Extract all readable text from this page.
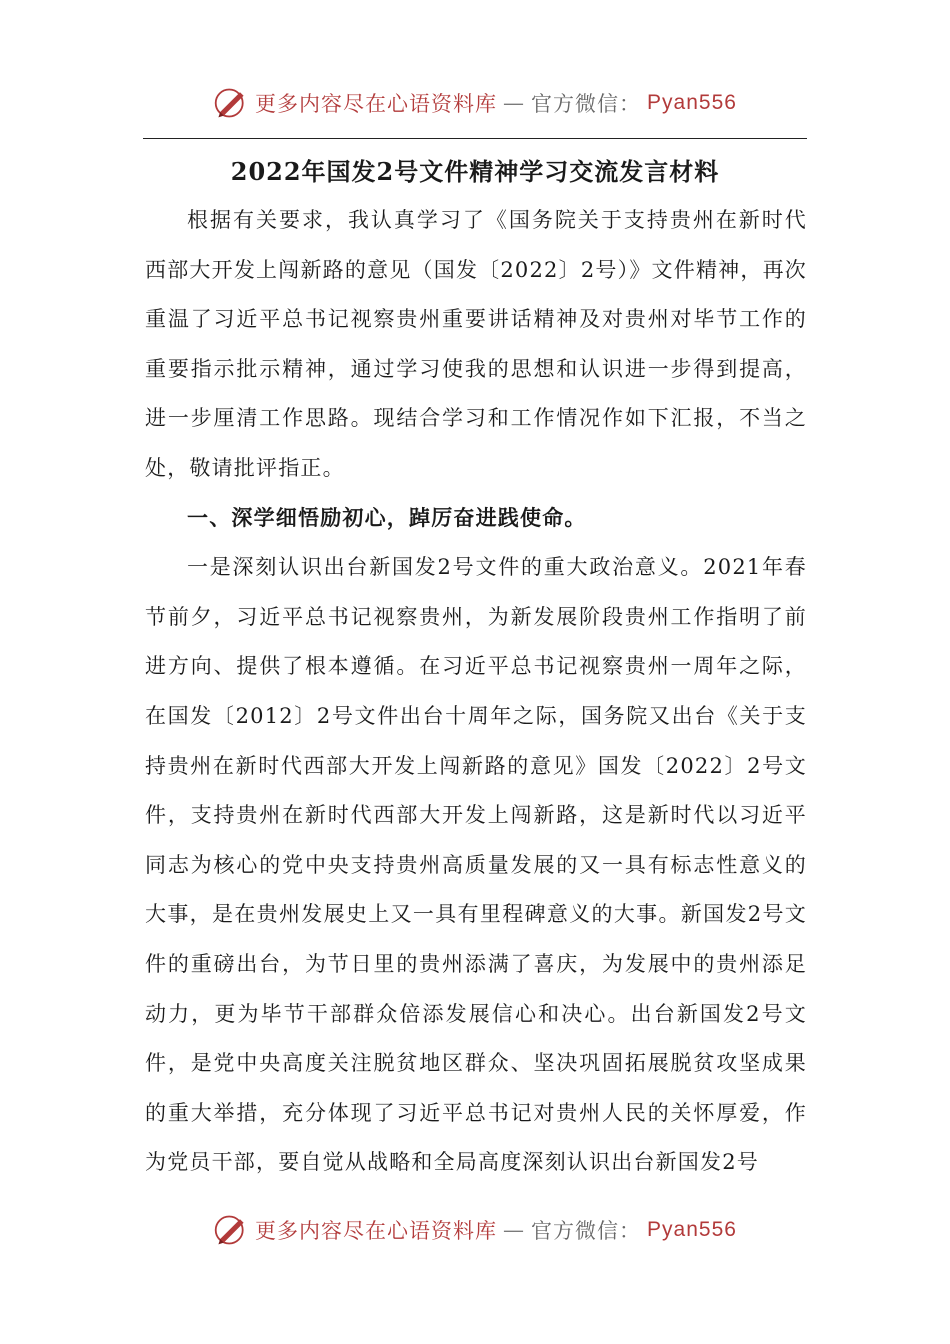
更多内容尽在心语资料库 — 官方微信： Pyan556
2022年国发2号文件精神学习交流发言材料

根据有关要求，我认真学习了《国务院关于支持贵州在新时代西部大开发上闯新路的意见（国发〔2022〕2号）》文件精神，再次重温了习近平总书记视察贵州重要讲话精神及对贵州对毕节工作的重要指示批示精神，通过学习使我的思想和认识进一步得到提高，进一步厘清工作思路。现结合学习和工作情况作如下汇报，不当之处，敬请批评指正。

一、深学细悟励初心，踔厉奋进践使命。

一是深刻认识出台新国发2号文件的重大政治意义。2021年春节前夕，习近平总书记视察贵州，为新发展阶段贵州工作指明了前进方向、提供了根本遵循。在习近平总书记视察贵州一周年之际，在国发〔2012〕2号文件出台十周年之际，国务院又出台《关于支持贵州在新时代西部大开发上闯新路的意见》国发〔2022〕2号文件，支持贵州在新时代西部大开发上闯新路，这是新时代以习近平同志为核心的党中央支持贵州高质量发展的又一具有标志性意义的大事，是在贵州发展史上又一具有里程碑意义的大事。新国发2号文件的重磅出台，为节日里的贵州添满了喜庆，为发展中的贵州添足动力，更为毕节干部群众倍添发展信心和决心。出台新国发2号文件，是党中央高度关注脱贫地区群众、坚决巩固拓展脱贫攻坚成果的重大举措，充分体现了习近平总书记对贵州人民的关怀厚爱，作为党员干部，要自觉从战略和全局高度深刻认识出台新国发2号

更多内容尽在心语资料库 — 官方微信： Pyan556
